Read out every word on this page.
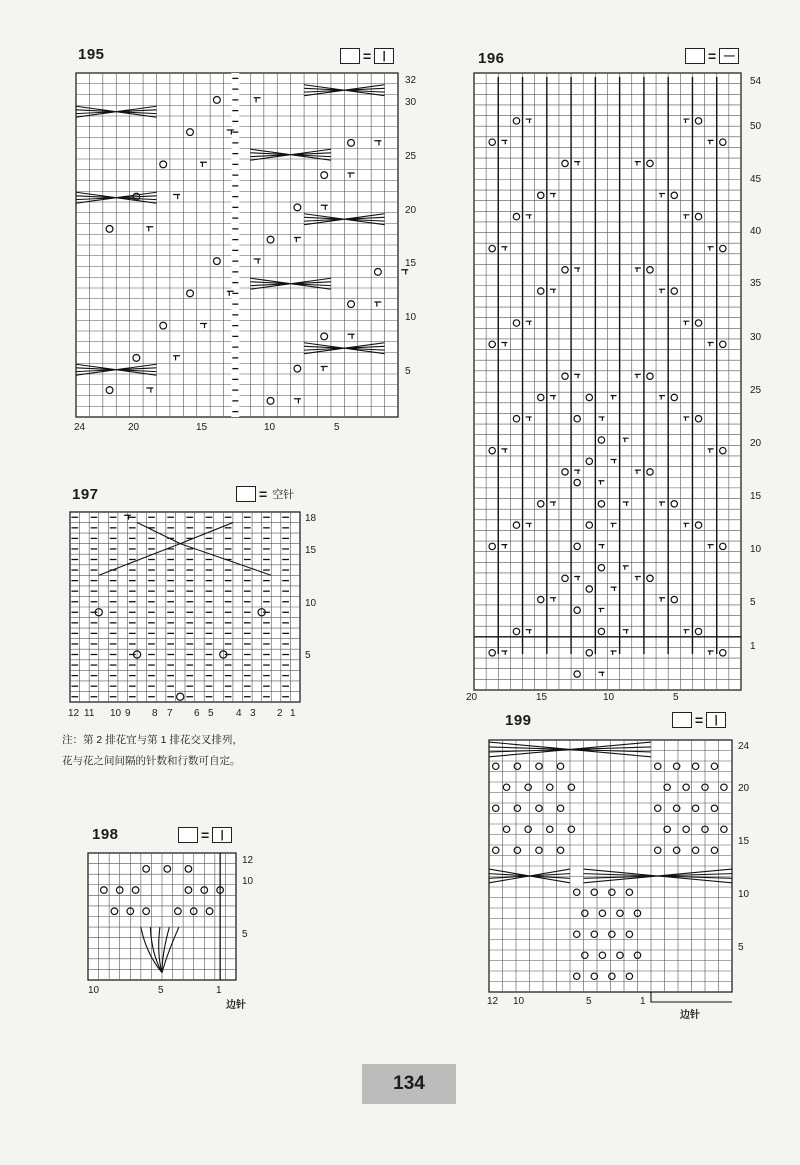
195	=	|
32
30
25
20
15
10
5
24	20	15	10	5
196	= —
54
50
45
40
35
30
25
20
15
10
5
1
20	15	10	5
197	= 空针
18
15
10
5
12 11 10 9 8 7 6 5 4 3 2 1
注：第 2 排花宜与第 1 排花交叉排列，
花与花之间间隔的针数和行数可自定。
198	=	|
12
10
5
10	5	1
边针
199	=	|
24
20
15
10
5
12 10	5	1
边针
134
